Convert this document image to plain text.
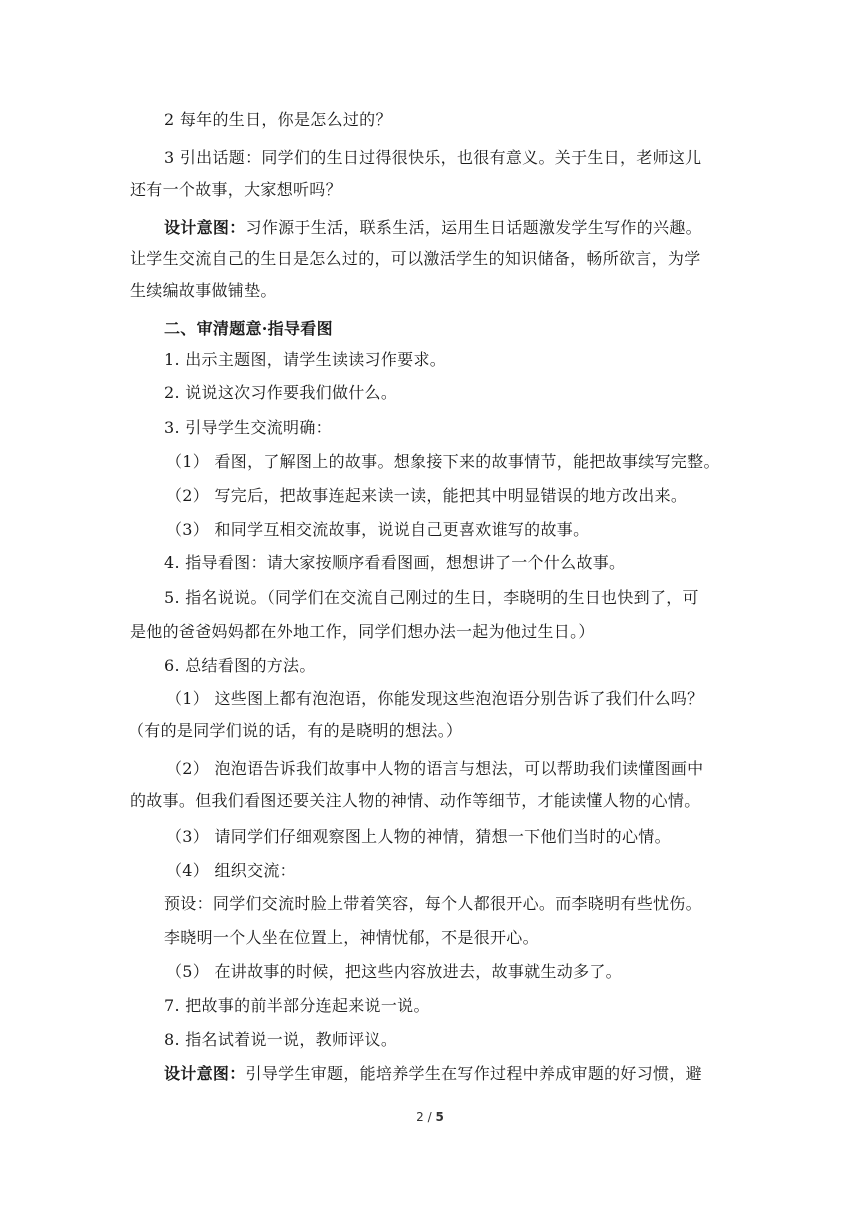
2 每年的生日，你是怎么过的？
3 引出话题：同学们的生日过得很快乐，也很有意义。关于生日，老师这儿
还有一个故事，大家想听吗？
设计意图：习作源于生活，联系生活，运用生日话题激发学生写作的兴趣。
让学生交流自己的生日是怎么过的，可以激活学生的知识储备，畅所欲言，为学
生续编故事做铺垫。
二、审清题意·指导看图
1. 出示主题图，请学生读读习作要求。
2. 说说这次习作要我们做什么。
3. 引导学生交流明确：
（1） 看图，了解图上的故事。想象接下来的故事情节，能把故事续写完整。
（2） 写完后，把故事连起来读一读，能把其中明显错误的地方改出来。
（3） 和同学互相交流故事，说说自己更喜欢谁写的故事。
4. 指导看图：请大家按顺序看看图画，想想讲了一个什么故事。
5. 指名说说。（同学们在交流自己刚过的生日，李晓明的生日也快到了，可
是他的爸爸妈妈都在外地工作，同学们想办法一起为他过生日。）
6. 总结看图的方法。
（1） 这些图上都有泡泡语，你能发现这些泡泡语分别告诉了我们什么吗？
（有的是同学们说的话，有的是晓明的想法。）
（2） 泡泡语告诉我们故事中人物的语言与想法，可以帮助我们读懂图画中
的故事。但我们看图还要关注人物的神情、动作等细节，才能读懂人物的心情。
（3） 请同学们仔细观察图上人物的神情，猜想一下他们当时的心情。
（4） 组织交流：
预设：同学们交流时脸上带着笑容，每个人都很开心。而李晓明有些忧伤。
李晓明一个人坐在位置上，神情忧郁，不是很开心。
（5） 在讲故事的时候，把这些内容放进去，故事就生动多了。
7. 把故事的前半部分连起来说一说。
8. 指名试着说一说，教师评议。
设计意图：引导学生审题，能培养学生在写作过程中养成审题的好习惯，避
2 / 5
